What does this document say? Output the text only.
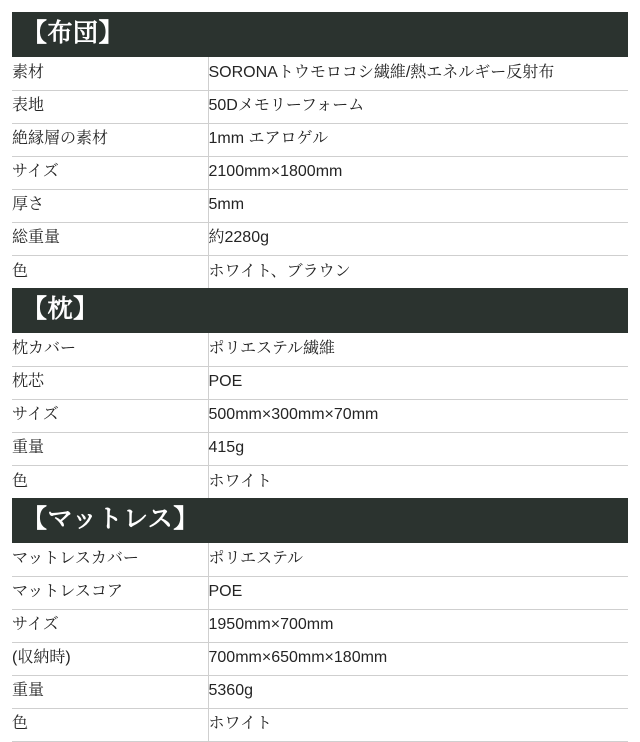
【布団】
素材	SORONAトウモロコシ繊維/熱エネルギー反射布
表地	50Dメモリーフォーム
絶縁層の素材	1mm エアロゲル
サイズ	2100mm×1800mm
厚さ	5mm
総重量	約2280g
色	ホワイト、ブラウン
【枕】
枕カバー	ポリエステル繊維
枕芯	POE
サイズ	500mm×300mm×70mm
重量	415g
色	ホワイト
【マットレス】
マットレスカバー	ポリエステル
マットレスコア	POE
サイズ	1950mm×700mm
(収納時)	700mm×650mm×180mm
重量	5360g
色	ホワイト
